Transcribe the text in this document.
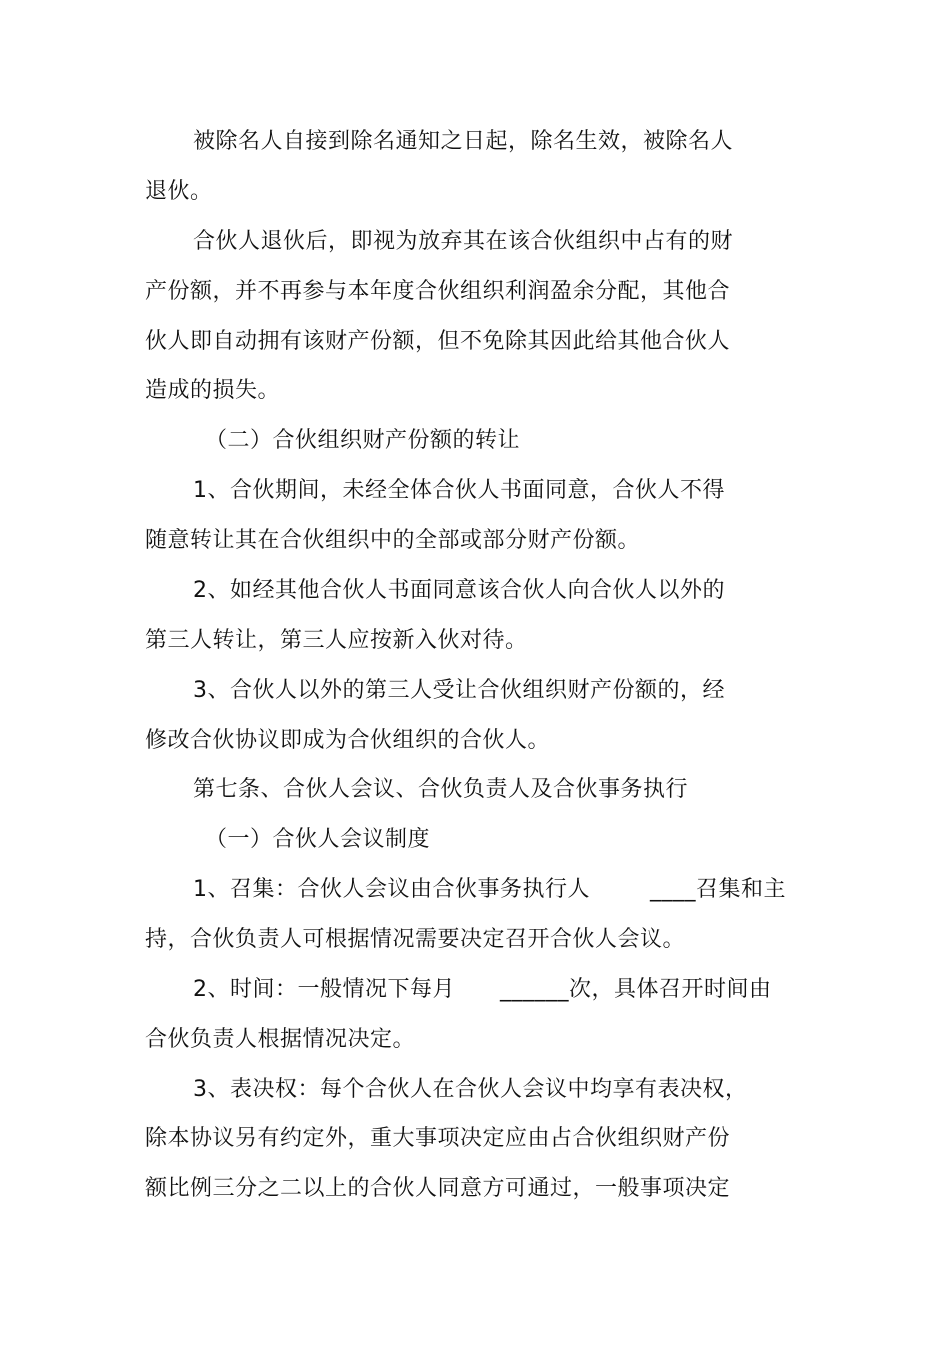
被除名人自接到除名通知之日起，除名生效，被除名人
退伙。
合伙人退伙后，即视为放弃其在该合伙组织中占有的财
产份额，并不再参与本年度合伙组织利润盈余分配，其他合
伙人即自动拥有该财产份额，但不免除其因此给其他合伙人
造成的损失。
（二）合伙组织财产份额的转让
1、合伙期间，未经全体合伙人书面同意，合伙人不得
随意转让其在合伙组织中的全部或部分财产份额。
2、如经其他合伙人书面同意该合伙人向合伙人以外的
第三人转让，第三人应按新入伙对待。
3、合伙人以外的第三人受让合伙组织财产份额的，经
修改合伙协议即成为合伙组织的合伙人。
第七条、合伙人会议、合伙负责人及合伙事务执行
（一）合伙人会议制度
1、召集：合伙人会议由合伙事务执行人        ____召集和主
持，合伙负责人可根据情况需要决定召开合伙人会议。
2、时间：一般情况下每月      ______次，具体召开时间由
合伙负责人根据情况决定。
3、表决权：每个合伙人在合伙人会议中均享有表决权，
除本协议另有约定外，重大事项决定应由占合伙组织财产份
额比例三分之二以上的合伙人同意方可通过，一般事项决定
